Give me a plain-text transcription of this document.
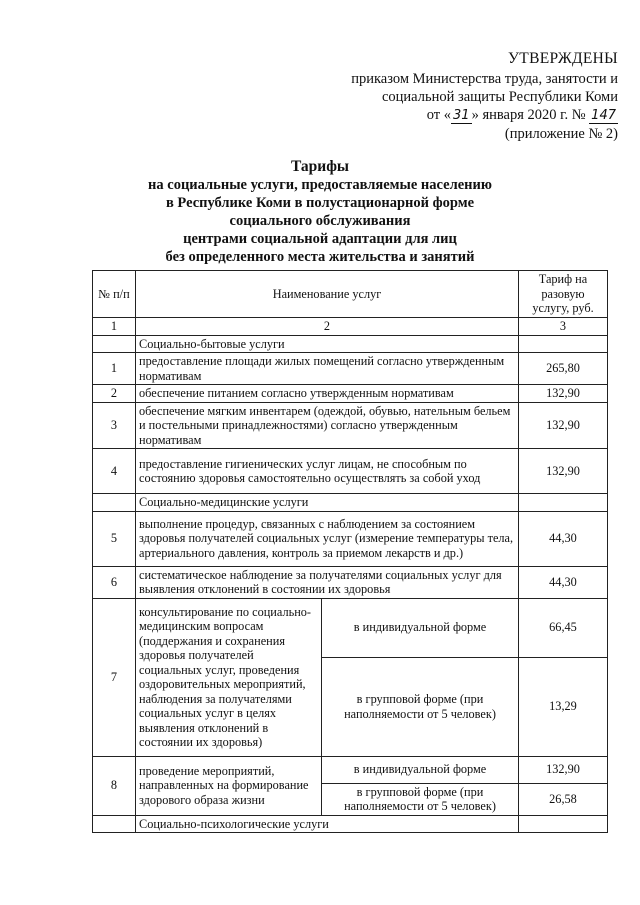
УТВЕРЖДЕНЫ
приказом Министерства труда, занятости и
социальной защиты Республики Коми
от « 31 » января 2020 г. № 147
(приложение № 2)
Тарифы
на социальные услуги, предоставляемые населению
в Республике Коми в полустационарной форме
социального обслуживания
центрами социальной адаптации для лиц
без определенного места жительства и занятий
№ п/п	Наименование услуг		Тариф на разовую услугу, руб.
1	2		3
	Социально-бытовые услуги		
1	предоставление площади жилых помещений согласно утвержденным нормативам		265,80
2	обеспечение питанием согласно утвержденным нормативам		132,90
3	обеспечение мягким инвентарем (одеждой, обувью, нательным бельем и постельными принадлежностями) согласно утвержденным нормативам		132,90
4	предоставление гигиенических услуг лицам, не способным по состоянию здоровья самостоятельно осуществлять за собой уход		132,90
	Социально-медицинские услуги		
5	выполнение процедур, связанных с наблюдением за состоянием здоровья получателей социальных услуг (измерение температуры тела, артериального давления, контроль за приемом лекарств и др.)		44,30
6	систематическое наблюдение за получателями социальных услуг для выявления отклонений в состоянии их здоровья		44,30
7	консультирование по социально-медицинским вопросам (поддержания и сохранения здоровья получателей социальных услуг, проведения оздоровительных мероприятий, наблюдения за получателями социальных услуг в целях выявления отклонений в состоянии их здоровья)	в индивидуальной форме	66,45
		в групповой форме (при наполняемости от 5 человек)	13,29
8	проведение мероприятий, направленных на формирование здорового образа жизни	в индивидуальной форме	132,90
		в групповой форме (при наполняемости от 5 человек)	26,58
	Социально-психологические услуги		
